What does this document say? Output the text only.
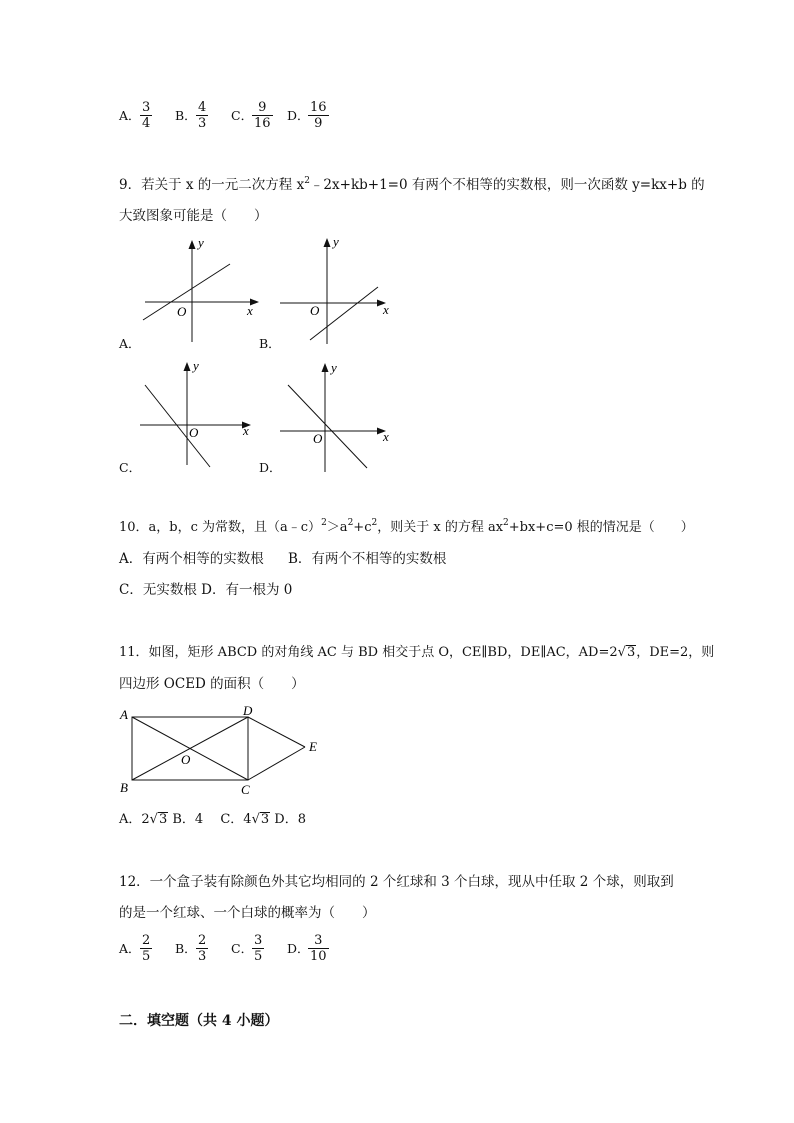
A．
3
4
B．
4
3
C．
9
16
D．
16
9
9．若关于 x 的一元二次方程 $x^2﹣2x+kb+1=0$ 有两个不相等的实数根，则一次函数 y=kx+b 的
大致图象可能是（　　）
x
y
O
A．
x
y
O
B．
x
y
O
C．
x
y
O
D．
10．a，b，c 为常数，且$(a﹣c)^2>a^2+c^2$，则关于 x 的方程 $ax^2+bx+c=0$ 根的情况是（　　）
A．有两个相等的实数根 B．有两个不相等的实数根
C．无实数根 D．有一根为 0
11．如图，矩形 ABCD 的对角线 AC 与 BD 相交于点 O，CE∥BD，DE∥AC，AD=2√3，DE=2，则
四边形 OCED 的面积（　　）
A
B	C
D
E
O
A．2√3 B．4　 C．4√3 D．8
12．一个盒子装有除颜色外其它均相同的 2 个红球和 3 个白球，现从中任取 2 个球，则取到
的是一个红球、一个白球的概率为（　　）
A．
2
5
B．
2
3
C．
3
5
D．
3
10
二．填空题（共 4 小题）
